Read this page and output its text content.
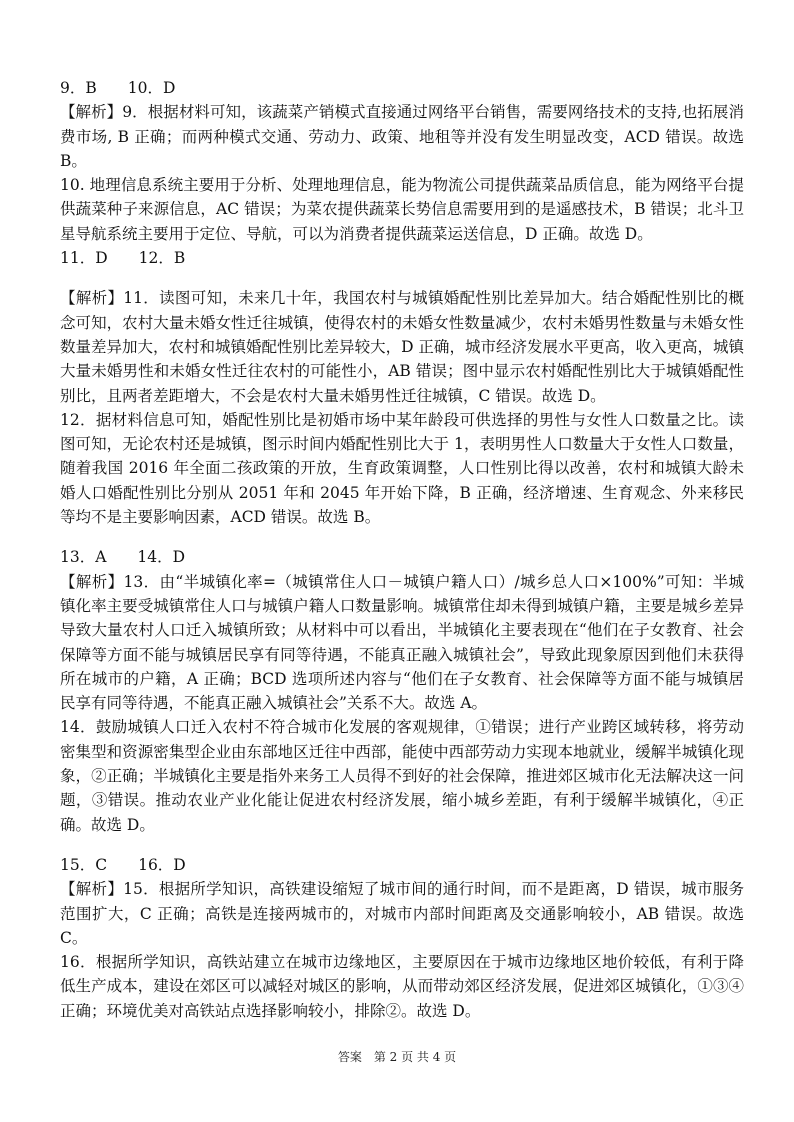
9．B　　10．D

【解析】9．根据材料可知，该蔬菜产销模式直接通过网络平台销售，需要网络技术的支持,也拓展消费市场, B 正确；而两种模式交通、劳动力、政策、地租等并没有发生明显改变，ACD 错误。故选 B。

10. 地理信息系统主要用于分析、处理地理信息，能为物流公司提供蔬菜品质信息，能为网络平台提供蔬菜种子来源信息，AC 错误；为菜农提供蔬菜长势信息需要用到的是遥感技术，B 错误；北斗卫星导航系统主要用于定位、导航，可以为消费者提供蔬菜运送信息，D 正确。故选 D。

11．D　　12．B

【解析】11．读图可知，未来几十年，我国农村与城镇婚配性别比差异加大。结合婚配性别比的概念可知，农村大量未婚女性迁往城镇，使得农村的未婚女性数量减少，农村未婚男性数量与未婚女性数量差异加大，农村和城镇婚配性别比差异较大，D 正确，城市经济发展水平更高，收入更高，城镇大量未婚男性和未婚女性迁往农村的可能性小，AB 错误；图中显示农村婚配性别比大于城镇婚配性别比，且两者差距增大，不会是农村大量未婚男性迁往城镇，C 错误。故选 D。

12．据材料信息可知，婚配性别比是初婚市场中某年龄段可供选择的男性与女性人口数量之比。读图可知，无论农村还是城镇，图示时间内婚配性别比大于 1，表明男性人口数量大于女性人口数量，随着我国 2016 年全面二孩政策的开放，生育政策调整，人口性别比得以改善，农村和城镇大龄未婚人口婚配性别比分别从 2051 年和 2045 年开始下降，B 正确，经济增速、生育观念、外来移民等均不是主要影响因素，ACD 错误。故选 B。

13．A　　14．D

【解析】13．由“半城镇化率=（城镇常住人口－城镇户籍人口）/城乡总人口×100%”可知：半城镇化率主要受城镇常住人口与城镇户籍人口数量影响。城镇常住却未得到城镇户籍，主要是城乡差异导致大量农村人口迁入城镇所致；从材料中可以看出，半城镇化主要表现在“他们在子女教育、社会保障等方面不能与城镇居民享有同等待遇，不能真正融入城镇社会”，导致此现象原因到他们未获得所在城市的户籍，A 正确；BCD 选项所述内容与“他们在子女教育、社会保障等方面不能与城镇居民享有同等待遇，不能真正融入城镇社会”关系不大。故选 A。

14．鼓励城镇人口迁入农村不符合城市化发展的客观规律，①错误；进行产业跨区域转移，将劳动密集型和资源密集型企业由东部地区迁往中西部，能使中西部劳动力实现本地就业，缓解半城镇化现象，②正确；半城镇化主要是指外来务工人员得不到好的社会保障，推进郊区城市化无法解决这一问题，③错误。推动农业产业化能让促进农村经济发展，缩小城乡差距，有利于缓解半城镇化，④正确。故选 D。

15．C　　16．D

【解析】15．根据所学知识，高铁建设缩短了城市间的通行时间，而不是距离，D 错误，城市服务范围扩大，C 正确；高铁是连接两城市的，对城市内部时间距离及交通影响较小，AB 错误。故选 C。

16．根据所学知识，高铁站建立在城市边缘地区，主要原因在于城市边缘地区地价较低，有利于降低生产成本，建设在郊区可以减轻对城区的影响，从而带动郊区经济发展，促进郊区城镇化，①③④正确；环境优美对高铁站点选择影响较小，排除②。故选 D。

答案　第 2 页 共 4 页
